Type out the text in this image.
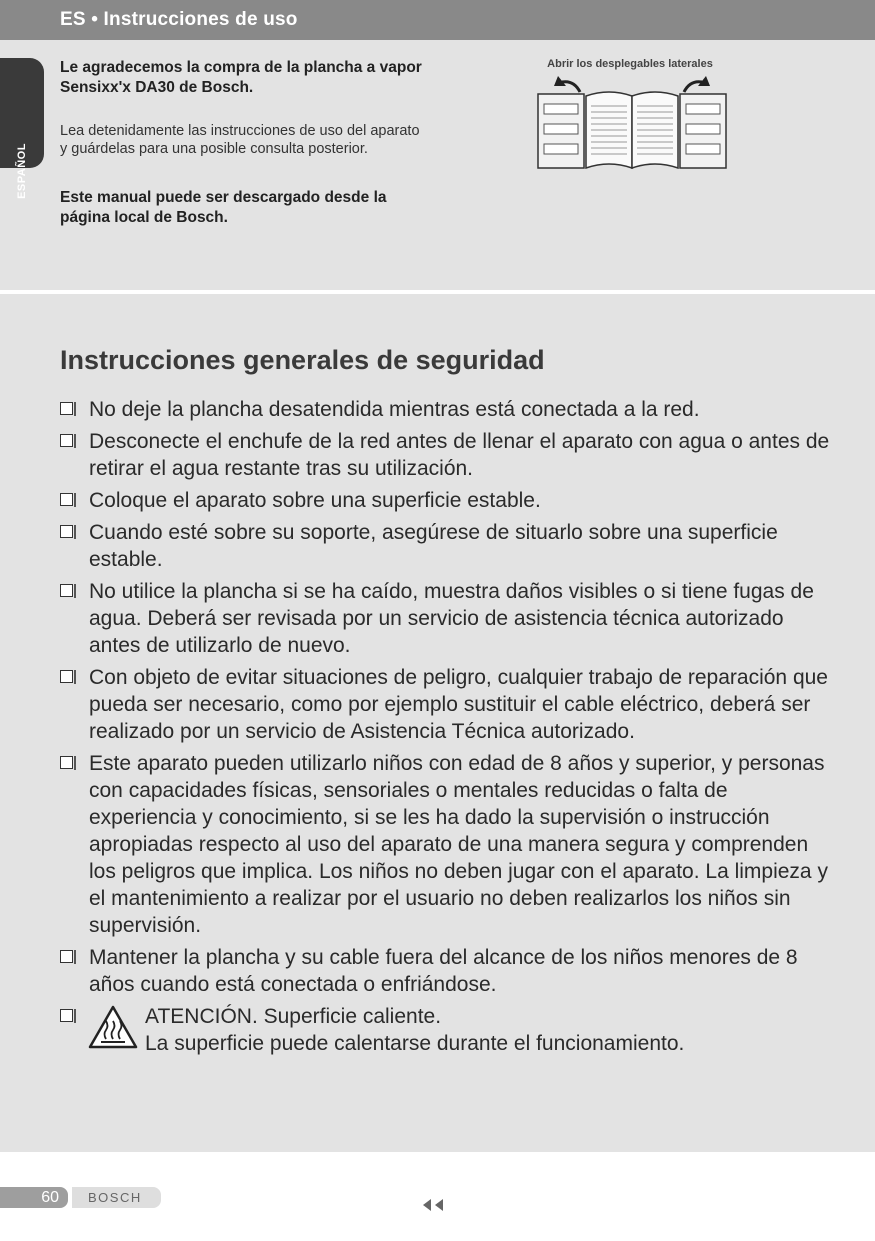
ES • Instrucciones de uso
ESPAÑOL

Le agradecemos la compra de la plancha a vapor Sensixx'x DA30 de Bosch.

Lea detenidamente las instrucciones de uso del aparato y guárdelas para una posible consulta posterior.

Este manual puede ser descargado desde la página local de Bosch.

Abrir los desplegables laterales
Instrucciones generales de seguridad
No deje la plancha desatendida mientras está conectada a la red.
Desconecte el enchufe de la red antes de llenar el aparato con agua o antes de retirar el agua restante tras su utilización.
Coloque el aparato sobre una superficie estable.
Cuando esté sobre su soporte, asegúrese de situarlo sobre una superficie estable.
No utilice la plancha si se ha caído, muestra daños visibles o si tiene fugas de agua. Deberá ser revisada por un servicio de asistencia técnica autorizado antes de utilizarlo de nuevo.
Con objeto de evitar situaciones de peligro, cualquier trabajo de reparación que pueda ser necesario, como por ejemplo sustituir el cable eléctrico, deberá ser realizado por un servicio de Asistencia Técnica autorizado.
Este aparato pueden utilizarlo niños con edad de 8 años y superior, y personas con capacidades físicas, sensoriales o mentales reducidas o falta de experiencia y conocimiento, si se les ha dado la supervisión o instrucción apropiadas respecto al uso del aparato de una manera segura y comprenden los peligros que implica. Los niños no deben jugar con el aparato. La limpieza y el mantenimiento a realizar por el usuario no deben realizarlos los niños sin supervisión.
Mantener la plancha y su cable fuera del alcance de los niños menores de 8 años cuando está conectada o enfriándose.
ATENCIÓN. Superficie caliente.
La superficie puede calentarse durante el funcionamiento.
60 BOSCH
